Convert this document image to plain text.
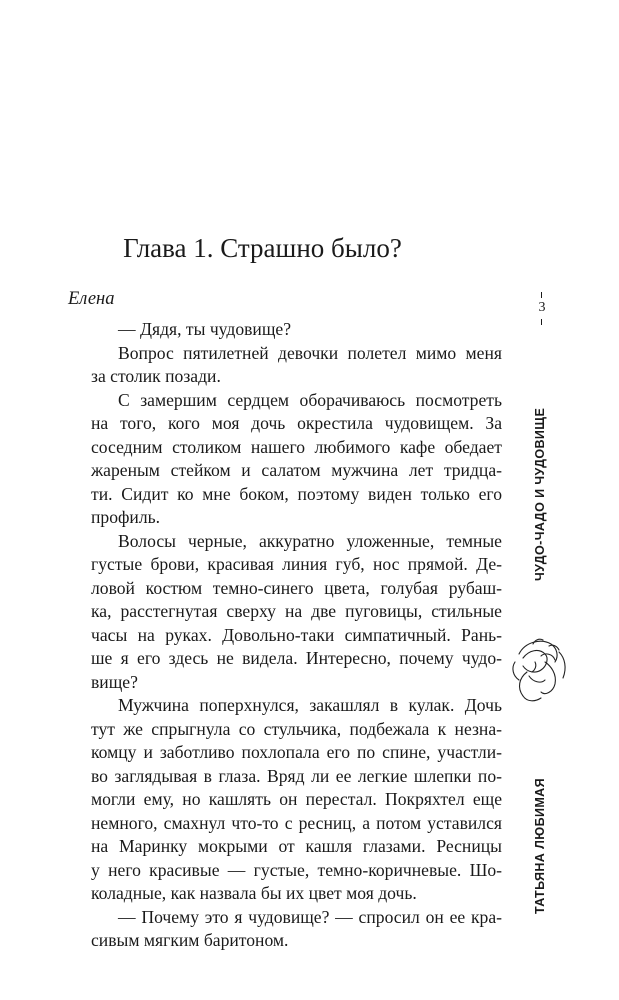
Глава 1. Страшно было?
Елена
— Дядя, ты чудовище?
Вопрос пятилетней девочки полетел мимо меня
за столик позади.
С замершим сердцем оборачиваюсь посмотреть
на того, кого моя дочь окрестила чудовищем. За
соседним столиком нашего любимого кафе обедает
жареным стейком и салатом мужчина лет тридца-
ти. Сидит ко мне боком, поэтому виден только его
профиль.
Волосы черные, аккуратно уложенные, темные
густые брови, красивая линия губ, нос прямой. Де-
ловой костюм темно-синего цвета, голубая рубаш-
ка, расстегнутая сверху на две пуговицы, стильные
часы на руках. Довольно-таки симпатичный. Рань-
ше я его здесь не видела. Интересно, почему чудо-
вище?
Мужчина поперхнулся, закашлял в кулак. Дочь
тут же спрыгнула со стульчика, подбежала к незна-
комцу и заботливо похлопала его по спине, участли-
во заглядывая в глаза. Вряд ли ее легкие шлепки по-
могли ему, но кашлять он перестал. Покряхтел еще
немного, смахнул что-то с ресниц, а потом уставился
на Маринку мокрыми от кашля глазами. Ресницы
у него красивые — густые, темно-коричневые. Шо-
коладные, как назвала бы их цвет моя дочь.
— Почему это я чудовище? — спросил он ее кра-
сивым мягким баритоном.
3
ЧУДО-ЧАДО И ЧУДОВИЩЕ
ТАТЬЯНА ЛЮБИМАЯ
